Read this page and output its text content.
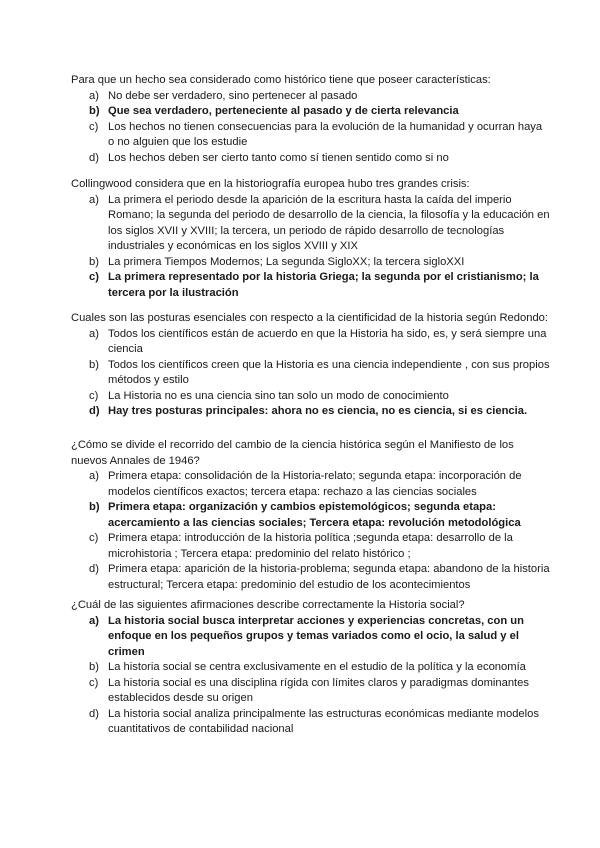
Para que un hecho sea considerado como histórico tiene que poseer características:

a) No debe ser verdadero, sino pertenecer al pasado
b) Que sea verdadero, perteneciente al pasado y de cierta relevancia
c) Los hechos no tienen consecuencias para la evolución de la humanidad y ocurran haya o no alguien que los estudie
d) Los hechos deben ser cierto tanto como sí tienen sentido como si no

Collingwood considera que en la historiografía europea hubo tres grandes crisis:

a) La primera el periodo desde la aparición de la escritura hasta la caída del imperio Romano; la segunda del periodo de desarrollo de la ciencia, la filosofía y la educación en los siglos XVII y XVIII; la tercera, un periodo de rápido desarrollo de tecnologías industriales y económicas en los siglos XVIII y XIX
b) La primera Tiempos Modernos; La segunda SigloXX; la tercera sigloXXI
c) La primera representado por la historia Griega; la segunda por el cristianismo; la tercera por la ilustración

Cuales son las posturas esenciales con respecto a la cientificidad de la historia según Redondo:

a) Todos los científicos están de acuerdo en que la Historia ha sido, es, y será siempre una ciencia
b) Todos los científicos creen que la Historia es una ciencia independiente , con sus propios métodos y estilo
c) La Historia no es una ciencia sino tan solo un modo de conocimiento
d) Hay tres posturas principales: ahora no es ciencia, no es ciencia, si es ciencia.

¿Cómo se divide el recorrido del cambio de la ciencia histórica según el Manifiesto de los nuevos Annales de 1946?

a) Primera etapa: consolidación de la Historia-relato; segunda etapa: incorporación de modelos científicos exactos; tercera etapa: rechazo a las ciencias sociales
b) Primera etapa: organización y cambios epistemológicos; segunda etapa: acercamiento a las ciencias sociales; Tercera etapa: revolución metodológica
c) Primera etapa: introducción de la historia política ;segunda etapa: desarrollo de la microhistoria ; Tercera etapa: predominio del relato histórico ;
d) Primera etapa: aparición de la historia-problema; segunda etapa: abandono de la historia estructural; Tercera etapa: predominio del estudio de los acontecimientos

¿Cuál de las siguientes afirmaciones describe correctamente la Historia social?

a) La historia social busca interpretar acciones y experiencias concretas, con un enfoque en los pequeños grupos y temas variados como el ocio, la salud y el crimen
b) La historia social se centra exclusivamente en el estudio de la política y la economía
c) La historia social es una disciplina rígida con límites claros y paradigmas dominantes establecidos desde su origen
d) La historia social analiza principalmente las estructuras económicas mediante modelos cuantitativos de contabilidad nacional
